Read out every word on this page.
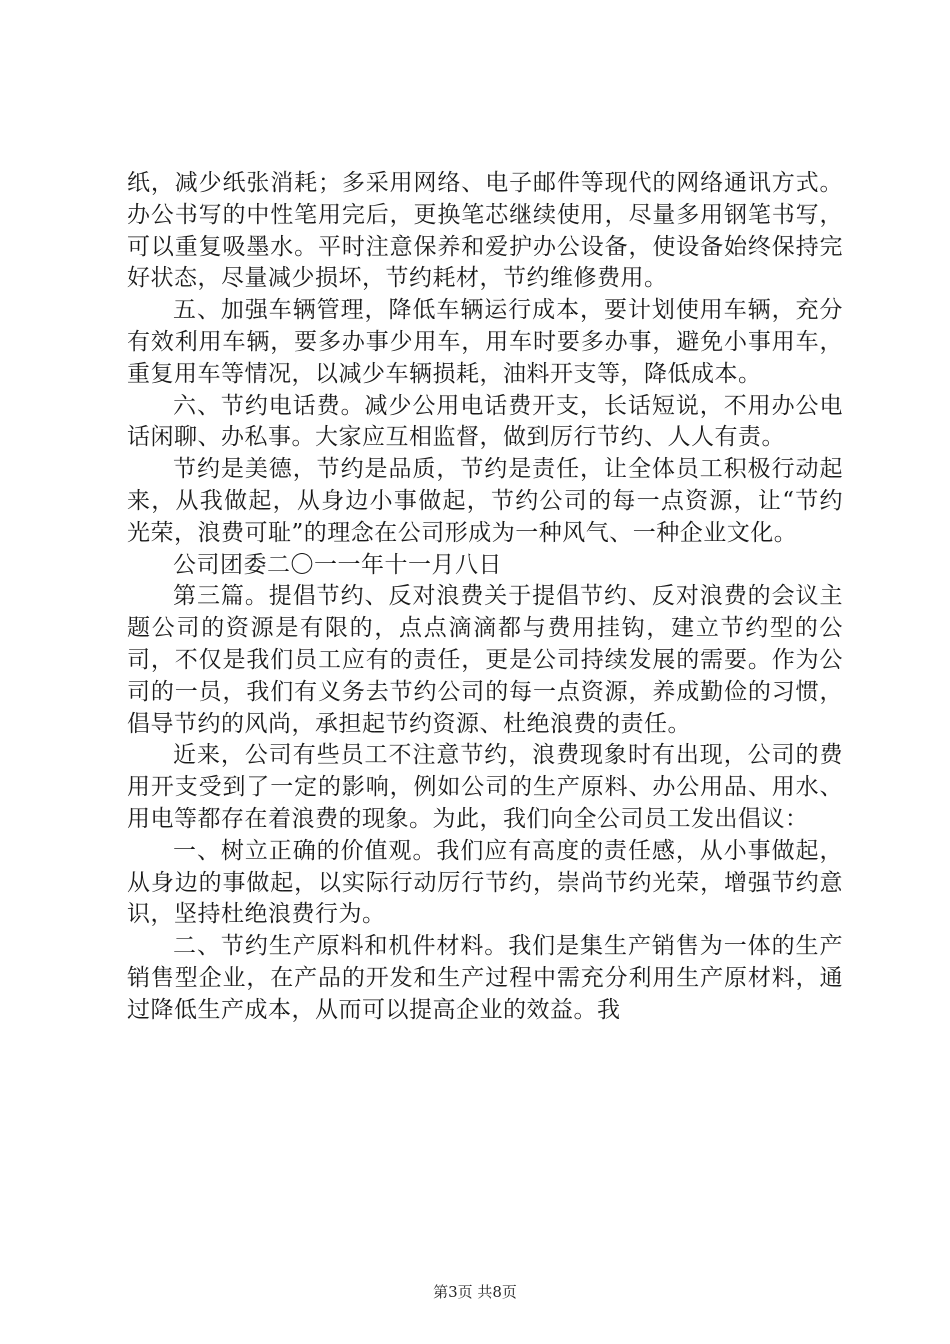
纸，减少纸张消耗；多采用网络、电子邮件等现代的网络通讯方式。办公书写的中性笔用完后，更换笔芯继续使用，尽量多用钢笔书写，可以重复吸墨水。平时注意保养和爱护办公设备，使设备始终保持完好状态，尽量减少损坏，节约耗材，节约维修费用。

五、加强车辆管理，降低车辆运行成本，要计划使用车辆，充分有效利用车辆，要多办事少用车，用车时要多办事，避免小事用车，重复用车等情况，以减少车辆损耗，油料开支等，降低成本。

六、节约电话费。减少公用电话费开支，长话短说，不用办公电话闲聊、办私事。大家应互相监督，做到厉行节约、人人有责。

节约是美德，节约是品质，节约是责任，让全体员工积极行动起来，从我做起，从身边小事做起，节约公司的每一点资源，让“节约光荣，浪费可耻”的理念在公司形成为一种风气、一种企业文化。

公司团委二〇一一年十一月八日

第三篇。提倡节约、反对浪费关于提倡节约、反对浪费的会议主题公司的资源是有限的，点点滴滴都与费用挂钩，建立节约型的公司，不仅是我们员工应有的责任，更是公司持续发展的需要。作为公司的一员，我们有义务去节约公司的每一点资源，养成勤俭的习惯，倡导节约的风尚，承担起节约资源、杜绝浪费的责任。

近来，公司有些员工不注意节约，浪费现象时有出现，公司的费用开支受到了一定的影响，例如公司的生产原料、办公用品、用水、用电等都存在着浪费的现象。为此，我们向全公司员工发出倡议：

一、树立正确的价值观。我们应有高度的责任感，从小事做起，从身边的事做起，以实际行动厉行节约，崇尚节约光荣，增强节约意识，坚持杜绝浪费行为。

二、节约生产原料和机件材料。我们是集生产销售为一体的生产销售型企业，在产品的开发和生产过程中需充分利用生产原材料，通过降低生产成本，从而可以提高企业的效益。我

第3页 共8页
